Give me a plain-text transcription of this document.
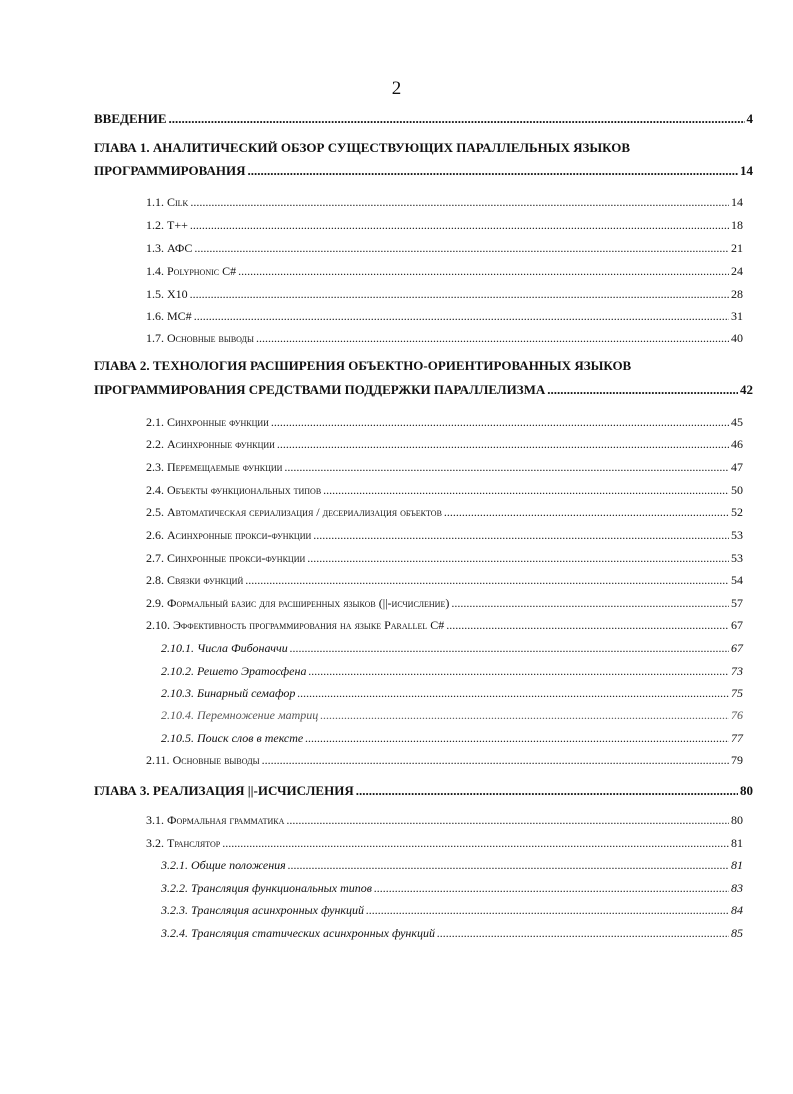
2
ВВЕДЕНИЕ .....	4
ГЛАВА 1. АНАЛИТИЧЕСКИЙ ОБЗОР СУЩЕСТВУЮЩИХ ПАРАЛЛЕЛЬНЫХ ЯЗЫКОВ
ПРОГРАММИРОВАНИЯ .....	14
1.1.
Cilk .....	14
1.2.
T++ .....	18
1.3.
АФС .....	21
1.4.
Polyphonic C# .....	24
1.5.
X10 .....	28
1.6.
MC# .....	31
1.7.
Основные выводы .....	40
ГЛАВА 2. ТЕХНОЛОГИЯ РАСШИРЕНИЯ ОБЪЕКТНО-ОРИЕНТИРОВАННЫХ ЯЗЫКОВ
ПРОГРАММИРОВАНИЯ СРЕДСТВАМИ ПОДДЕРЖКИ ПАРАЛЛЕЛИЗМА .....	42
2.1.
Синхронные функции .....	45
2.2.
Асинхронные функции .....	46
2.3.
Перемещаемые функции .....	47
2.4.
Объекты функциональных типов .....	50
2.5.
Автоматическая сериализация / десериализация объектов .....	52
2.6.
Асинхронные прокси-функции .....	53
2.7.
Синхронные прокси-функции .....	53
2.8.
Связки функций .....	54
2.9.
Формальный базис для расширенных языков (||-исчисление) .....	57
2.10.
Эффективность программирования на языке Parallel C# .....	67
2.10.1.
Числа Фибоначчи .....	67
2.10.2.
Решето Эратосфена .....	73
2.10.3.
Бинарный семафор .....	75
2.10.4.
Перемножение матриц .....	76
2.10.5.
Поиск слов в тексте .....	77
2.11.
Основные выводы .....	79
ГЛАВА 3. РЕАЛИЗАЦИЯ ||-ИСЧИСЛЕНИЯ .....	80
3.1.
Формальная грамматика .....	80
3.2.
Транслятор .....	81
3.2.1.
Общие положения .....	81
3.2.2.
Трансляция функциональных типов .....	83
3.2.3.
Трансляция асинхронных функций .....	84
3.2.4.
Трансляция статических асинхронных функций .....	85
